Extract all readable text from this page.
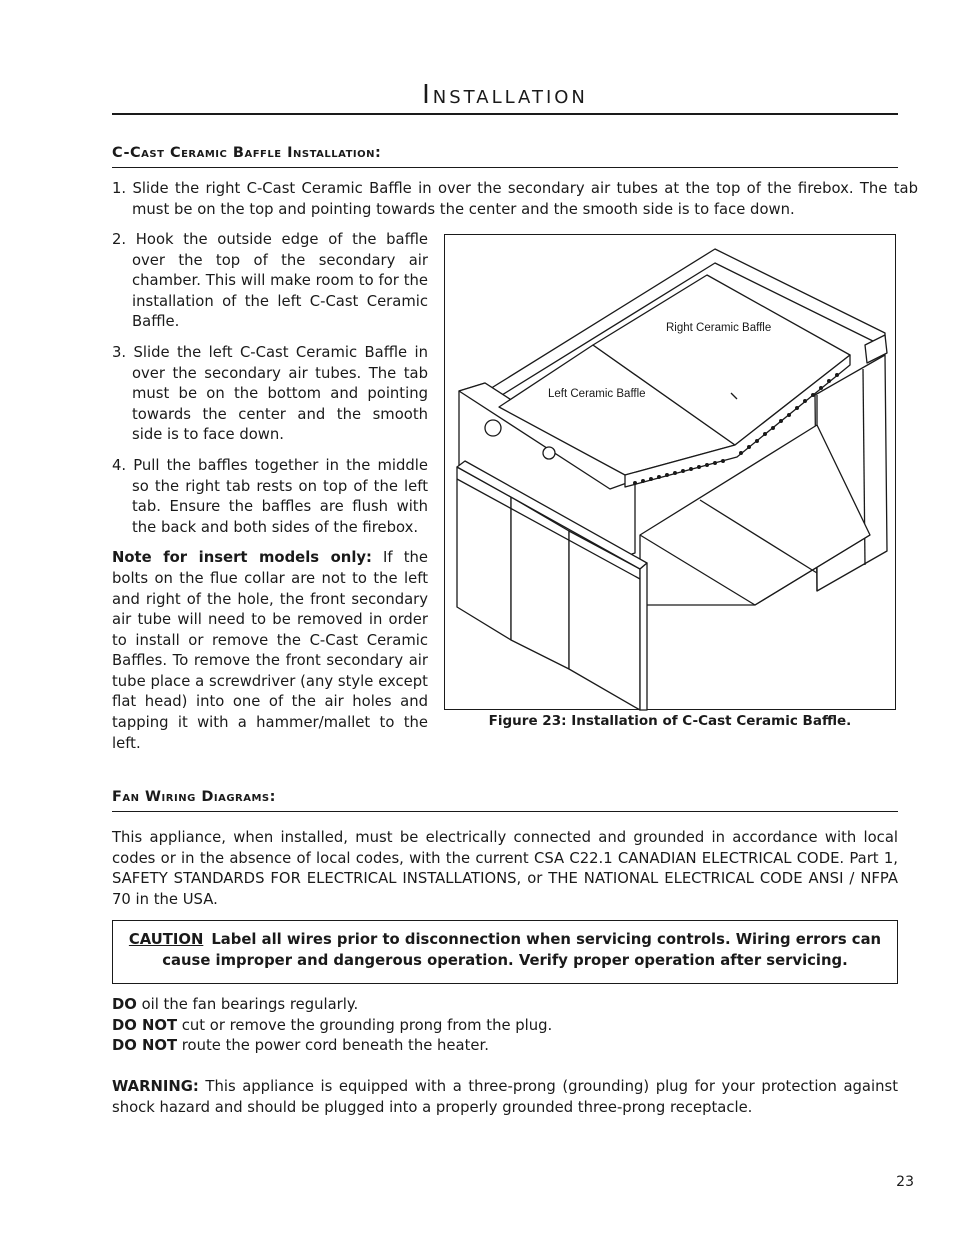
Installation
C-Cast Ceramic Baffle Installation:
1. Slide the right C-Cast Ceramic Baffle in over the secondary air tubes at the top of the firebox. The tab must be on the top and pointing towards the center and the smooth side is to face down.

2. Hook the outside edge of the baffle over the top of the secondary air chamber. This will make room to for the installation of the left C-Cast Ceramic Baffle.

3. Slide the left C-Cast Ceramic Baffle in over the secondary air tubes. The tab must be on the bottom and pointing towards the center and the smooth side is to face down.

4. Pull the baffles together in the middle so the right tab rests on top of the left tab. Ensure the baffles are flush with the back and both sides of the firebox.

Note for insert models only: If the bolts on the flue collar are not to the left and right of the hole, the front secondary air tube will need to be removed in order to install or remove the C-Cast Ceramic Baffles. To remove the front secondary air tube place a screwdriver (any style except flat head) into one of the air holes and tapping it with a hammer/mallet to the left.

Right Ceramic Baffle
Left Ceramic Baffle
Figure 23: Installation of C-Cast Ceramic Baffle.
Fan Wiring Diagrams:
This appliance, when installed, must be electrically connected and grounded in accordance with local codes or in the absence of local codes, with the current CSA C22.1 CANADIAN ELECTRICAL CODE. Part 1, SAFETY STANDARDS FOR ELECTRICAL INSTALLATIONS, or THE NATIONAL ELECTRICAL CODE ANSI / NFPA 70 in the USA.
CAUTION Label all wires prior to disconnection when servicing controls. Wiring errors can cause improper and dangerous operation. Verify proper operation after servicing.
DO oil the fan bearings regularly.
DO NOT cut or remove the grounding prong from the plug.
DO NOT route the power cord beneath the heater.
WARNING: This appliance is equipped with a three-prong (grounding) plug for your protection against shock hazard and should be plugged into a properly grounded three-prong receptacle.
23
